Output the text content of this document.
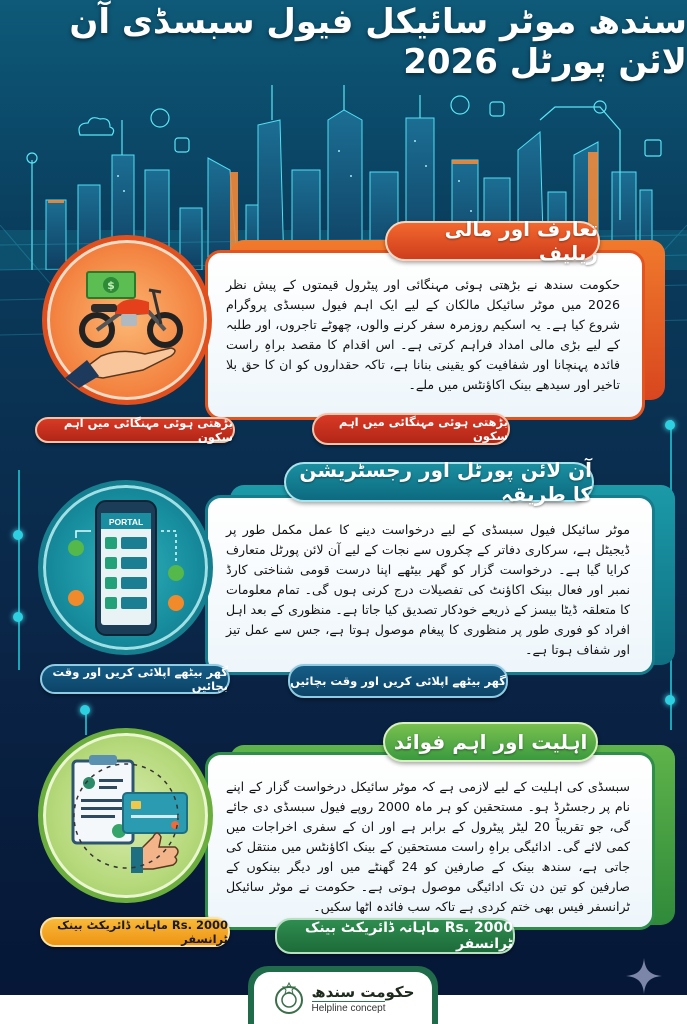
سندھ موٹر سائیکل فیول سبسڈی آن لائن پورٹل 2026

حکومت سندھ نے بڑھتی ہوئی مہنگائی اور پیٹرول قیمتوں کے پیش نظر 2026 میں موٹر سائیکل مالکان کے لیے ایک اہم فیول سبسڈی پروگرام شروع کیا ہے۔ یہ اسکیم روزمرہ سفر کرنے والوں، چھوٹے تاجروں، اور طلبہ کے لیے بڑی مالی امداد فراہم کرتی ہے۔ اس اقدام کا مقصد براہِ راست فائدہ پہنچانا اور شفافیت کو یقینی بنانا ہے، تاکہ حقداروں کو ان کا حق بلا تاخیر اور سیدھے بینک اکاؤنٹس میں ملے۔

تعارف اور مالی ریلیف
$
بڑھتی ہوئی مہنگائی میں اہم سکون
بڑھتی ہوئی مہنگائی میں اہم سکون

موٹر سائیکل فیول سبسڈی کے لیے درخواست دینے کا عمل مکمل طور پر ڈیجیٹل ہے، سرکاری دفاتر کے چکروں سے نجات کے لیے آن لائن پورٹل متعارف کرایا گیا ہے۔ درخواست گزار کو گھر بیٹھے اپنا درست قومی شناختی کارڈ نمبر اور فعال بینک اکاؤنٹ کی تفصیلات درج کرنی ہوں گی۔ تمام معلومات کا متعلقہ ڈیٹا بیسز کے ذریعے خودکار تصدیق کیا جاتا ہے۔ منظوری کے بعد اہل افراد کو فوری طور پر منظوری کا پیغام موصول ہوتا ہے، جس سے عمل تیز اور شفاف ہوتا ہے۔

آن لائن پورٹل اور رجسٹریشن کا طریقہ
PORTAL
گھر بیٹھے اپلائی کریں اور وقت بچائیں	گھر بیٹھے اپلائی کریں اور وقت بچائیں

سبسڈی کی اہلیت کے لیے لازمی ہے کہ موٹر سائیکل درخواست گزار کے اپنے نام پر رجسٹرڈ ہو۔ مستحقین کو ہر ماہ 2000 روپے فیول سبسڈی دی جائے گی، جو تقریباً 20 لیٹر پیٹرول کے برابر ہے اور ان کے سفری اخراجات میں کمی لائے گی۔ ادائیگی براہِ راست مستحقین کے بینک اکاؤنٹس میں منتقل کی جاتی ہے، سندھ بینک کے صارفین کو 24 گھنٹے میں اور دیگر بینکوں کے صارفین کو تین دن تک ادائیگی موصول ہوتی ہے۔ حکومت نے موٹر سائیکل ٹرانسفر فیس بھی ختم کردی ہے تاکہ سب فائدہ اٹھا سکیں۔

اہلیت اور اہم فوائد
Rs. 2000 ماہانہ ڈائریکٹ بینک ٹرانسفر
Rs. 2000 ماہانہ ڈائریکٹ بینک ٹرانسفر
حکومت سندھ
Helpline concept
